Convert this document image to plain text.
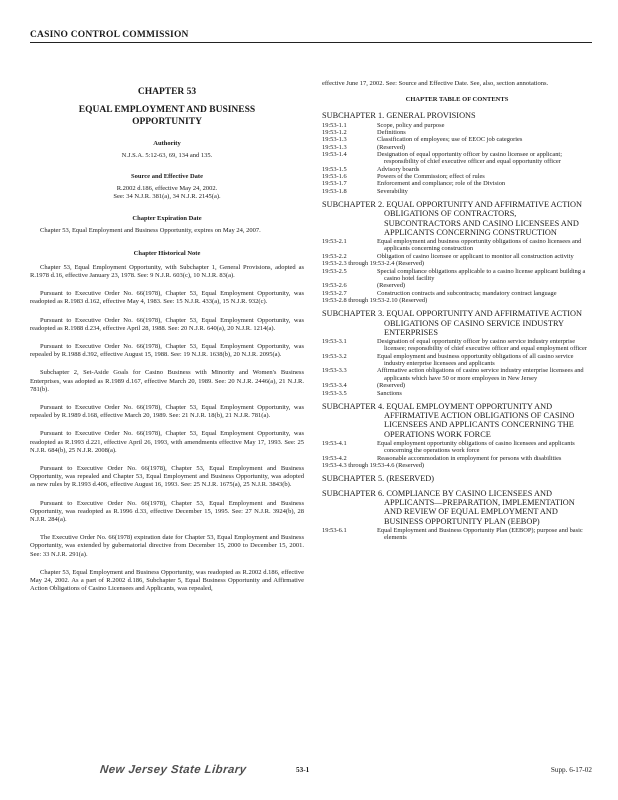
CASINO CONTROL COMMISSION
CHAPTER 53
EQUAL EMPLOYMENT AND BUSINESS OPPORTUNITY
Authority
N.J.S.A. 5:12-63, 69, 134 and 135.
Source and Effective Date
R.2002 d.186, effective May 24, 2002.
See: 34 N.J.R. 381(a), 34 N.J.R. 2145(a).
Chapter Expiration Date
Chapter 53, Equal Employment and Business Opportunity, expires on May 24, 2007.
Chapter Historical Note
Chapter 53, Equal Employment Opportunity, with Subchapter 1, General Provisions, adopted as R.1978 d.16, effective January 23, 1978. See: 9 N.J.R. 603(c), 10 N.J.R. 83(a).
Pursuant to Executive Order No. 66(1978), Chapter 53, Equal Employment Opportunity, was readopted as R.1983 d.162, effective May 4, 1983. See: 15 N.J.R. 433(a), 15 N.J.R. 932(c).
Pursuant to Executive Order No. 66(1978), Chapter 53, Equal Employment Opportunity, was readopted as R.1988 d.234, effective April 28, 1988. See: 20 N.J.R. 640(a), 20 N.J.R. 1214(a).
Pursuant to Executive Order No. 66(1978), Chapter 53, Equal Employment Opportunity, was repealed by R.1988 d.392, effective August 15, 1988. See: 19 N.J.R. 1638(b), 20 N.J.R. 2095(a).
Subchapter 2, Set-Aside Goals for Casino Business with Minority and Women's Business Enterprises, was adopted as R.1989 d.167, effective March 20, 1989. See: 20 N.J.R. 2446(a), 21 N.J.R. 781(b).
Pursuant to Executive Order No. 66(1978), Chapter 53, Equal Employment Opportunity, was repealed by R.1989 d.168, effective March 20, 1989. See: 21 N.J.R. 18(b), 21 N.J.R. 781(a).
Pursuant to Executive Order No. 66(1978), Chapter 53, Equal Employment Opportunity, was readopted as R.1993 d.221, effective April 26, 1993, with amendments effective May 17, 1993. See: 25 N.J.R. 684(b), 25 N.J.R. 2008(a).
Pursuant to Executive Order No. 66(1978), Chapter 53, Equal Employment and Business Opportunity, was repealed and Chapter 53, Equal Employment and Business Opportunity, was adopted as new rules by R.1993 d.406, effective August 16, 1993. See: 25 N.J.R. 1675(a), 25 N.J.R. 3843(b).
Pursuant to Executive Order No. 66(1978), Chapter 53, Equal Employment and Business Opportunity, was readopted as R.1996 d.33, effective December 15, 1995. See: 27 N.J.R. 3924(b), 28 N.J.R. 284(a).
The Executive Order No. 66(1978) expiration date for Chapter 53, Equal Employment and Business Opportunity, was extended by gubernatorial directive from December 15, 2000 to December 15, 2001. See: 33 N.J.R. 291(a).
Chapter 53, Equal Employment and Business Opportunity, was readopted as R.2002 d.186, effective May 24, 2002. As a part of R.2002 d.186, Subchapter 5, Equal Business Opportunity and Affirmative Action Obligations of Casino Licensees and Applicants, was repealed,
effective June 17, 2002. See: Source and Effective Date. See, also, section annotations.
CHAPTER TABLE OF CONTENTS
SUBCHAPTER 1. GENERAL PROVISIONS
19:53-1.1	Scope, policy and purpose
19:53-1.2	Definitions
19:53-1.3	Classification of employees; use of EEOC job categories
19:53-1.3	(Reserved)
19:53-1.4	Designation of equal opportunity officer by casino licensee or applicant; responsibility of chief executive officer and equal opportunity officer
19:53-1.5	Advisory boards
19:53-1.6	Powers of the Commission; effect of rules
19:53-1.7	Enforcement and compliance; role of the Division
19:53-1.8	Severability
SUBCHAPTER 2. EQUAL OPPORTUNITY AND AFFIRMATIVE ACTION OBLIGATIONS OF CONTRACTORS, SUBCONTRACTORS AND CASINO LICENSEES AND APPLICANTS CONCERNING CONSTRUCTION
19:53-2.1	Equal employment and business opportunity obligations of casino licensees and applicants concerning construction
19:53-2.2	Obligation of casino licensee or applicant to monitor all construction activity
19:53-2.3 through 19:53-2.4 (Reserved)
19:53-2.5	Special compliance obligations applicable to a casino license applicant building a casino hotel facility
19:53-2.6	(Reserved)
19:53-2.7	Construction contracts and subcontracts; mandatory contract language
19:53-2.8 through 19:53-2.10 (Reserved)
SUBCHAPTER 3. EQUAL OPPORTUNITY AND AFFIRMATIVE ACTION OBLIGATIONS OF CASINO SERVICE INDUSTRY ENTERPRISES
19:53-3.1	Designation of equal opportunity officer by casino service industry enterprise licensee; responsibility of chief executive officer and equal employment officer
19:53-3.2	Equal employment and business opportunity obligations of all casino service industry enterprise licensees and applicants
19:53-3.3	Affirmative action obligations of casino service industry enterprise licensees and applicants which have 50 or more employees in New Jersey
19:53-3.4	(Reserved)
19:53-3.5	Sanctions
SUBCHAPTER 4. EQUAL EMPLOYMENT OPPORTUNITY AND AFFIRMATIVE ACTION OBLIGATIONS OF CASINO LICENSEES AND APPLICANTS CONCERNING THE OPERATIONS WORK FORCE
19:53-4.1	Equal employment opportunity obligations of casino licensees and applicants concerning the operations work force
19:53-4.2	Reasonable accommodation in employment for persons with disabilities
19:53-4.3 through 19:53-4.6 (Reserved)
SUBCHAPTER 5. (RESERVED)
SUBCHAPTER 6. COMPLIANCE BY CASINO LICENSEES AND APPLICANTS—PREPARATION, IMPLEMENTATION AND REVIEW OF EQUAL EMPLOYMENT AND BUSINESS OPPORTUNITY PLAN (EEBOP)
19:53-6.1	Equal Employment and Business Opportunity Plan (EEBOP); purpose and basic elements
New Jersey State Library	53-1	Supp. 6-17-02
